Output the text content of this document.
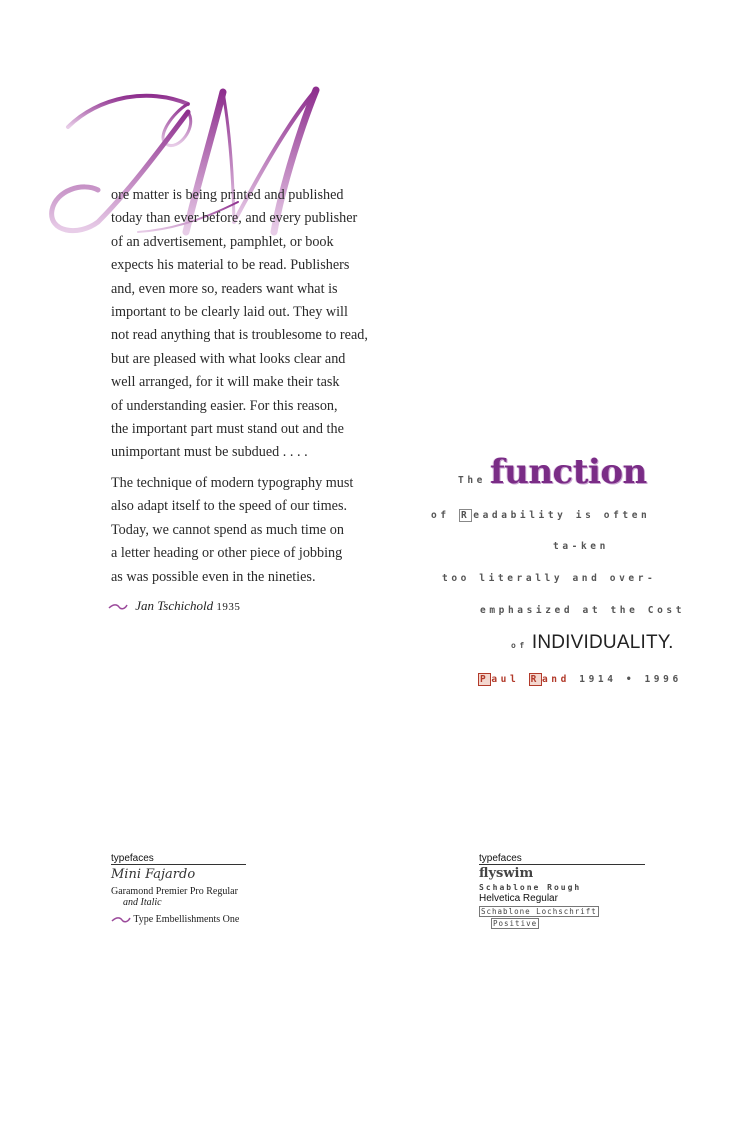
ore matter is being printed and published
today than ever before, and every publisher
of an advertisement, pamphlet, or book
expects his material to be read. Publishers
and, even more so, readers want what is
important to be clearly laid out. They will
not read anything that is troublesome to read,
but are pleased with what looks clear and
well arranged, for it will make their task
of understanding easier. For this reason,
the important part must stand out and the
unimportant must be subdued . . . .

The technique of modern typography must
also adapt itself to the speed of our times.
Today, we cannot spend as much time on
a letter heading or other piece of jobbing
as was possible even in the nineties.

Jan Tschichold 1935
The function
of R eadability is often
ta-ken
too literally and over-
emphasized at the Cost
of INDIVIDUALITY.
P aul R and 1914 • 1996
typefaces
Mini Fajardo
Garamond Premier Pro Regular
and Italic
Type Embellishments One
typefaces
flyswim
Schablone Rough
Helvetica Regular
Schablone Lochschrift
Positive
